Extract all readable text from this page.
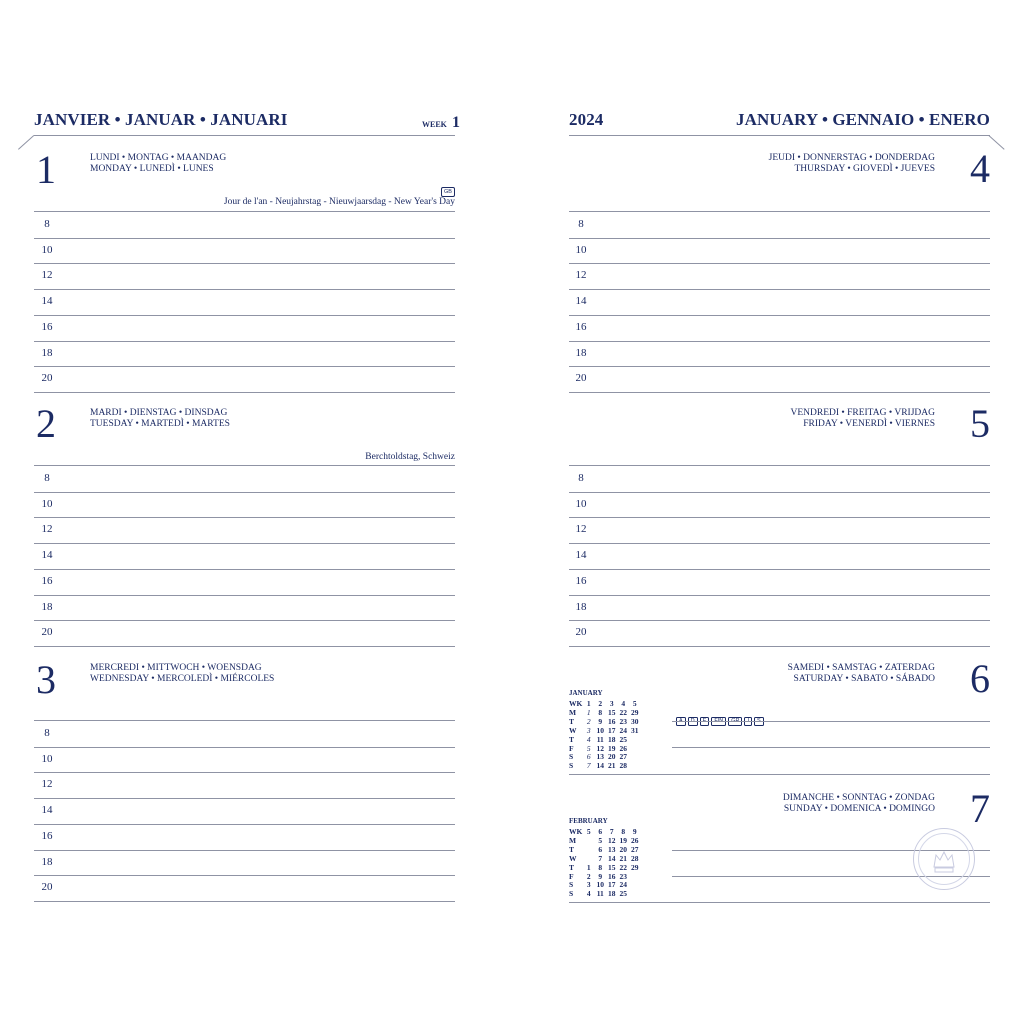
JANVIER • JANUAR • JANUARI	WEEK 1	2024	JANUARY • GENNAIO • ENERO
1	LUNDI • MONTAG • MAANDAG
MONDAY • LUNEDÌ • LUNES
GB
Jour de l'an - Neujahrstag - Nieuwjaarsdag - New Year's Day
8
10
12
14
16
18
20
2	MARDI • DIENSTAG • DINSDAG
TUESDAY • MARTEDÌ • MARTES
Berchtoldstag, Schweiz
8
10
12
14
16
18
20
3	MERCREDI • MITTWOCH • WOENSDAG
WEDNESDAY • MERCOLEDÌ • MIÉRCOLES
8
10
12
14
16
18
20
4
JEUDI • DONNERSTAG • DONDERDAG
THURSDAY • GIOVEDÌ • JUEVES
8
10
12
14
16
18
20
5
VENDREDI • FREITAG • VRIJDAG
FRIDAY • VENERDÌ • VIERNES
8
10
12
14
16
18
20
6
SAMEDI • SAMSTAG • ZATERDAG
SATURDAY • SABATO • SÁBADO
A D E FIN GR I S
7
DIMANCHE • SONNTAG • ZONDAG
SUNDAY • DOMENICA • DOMINGO
JANUARY
WK	1	2	3	4	5
M	1	8	15	22	29
T	2	9	16	23	30
W	3	10	17	24	31
T	4	11	18	25	
F	5	12	19	26	
S	6	13	20	27	
S	7	14	21	28	
FEBRUARY
WK	5	6	7	8	9
M		5	12	19	26
T		6	13	20	27
W		7	14	21	28
T	1	8	15	22	29
F	2	9	16	23	
S	3	10	17	24	
S	4	11	18	25	
